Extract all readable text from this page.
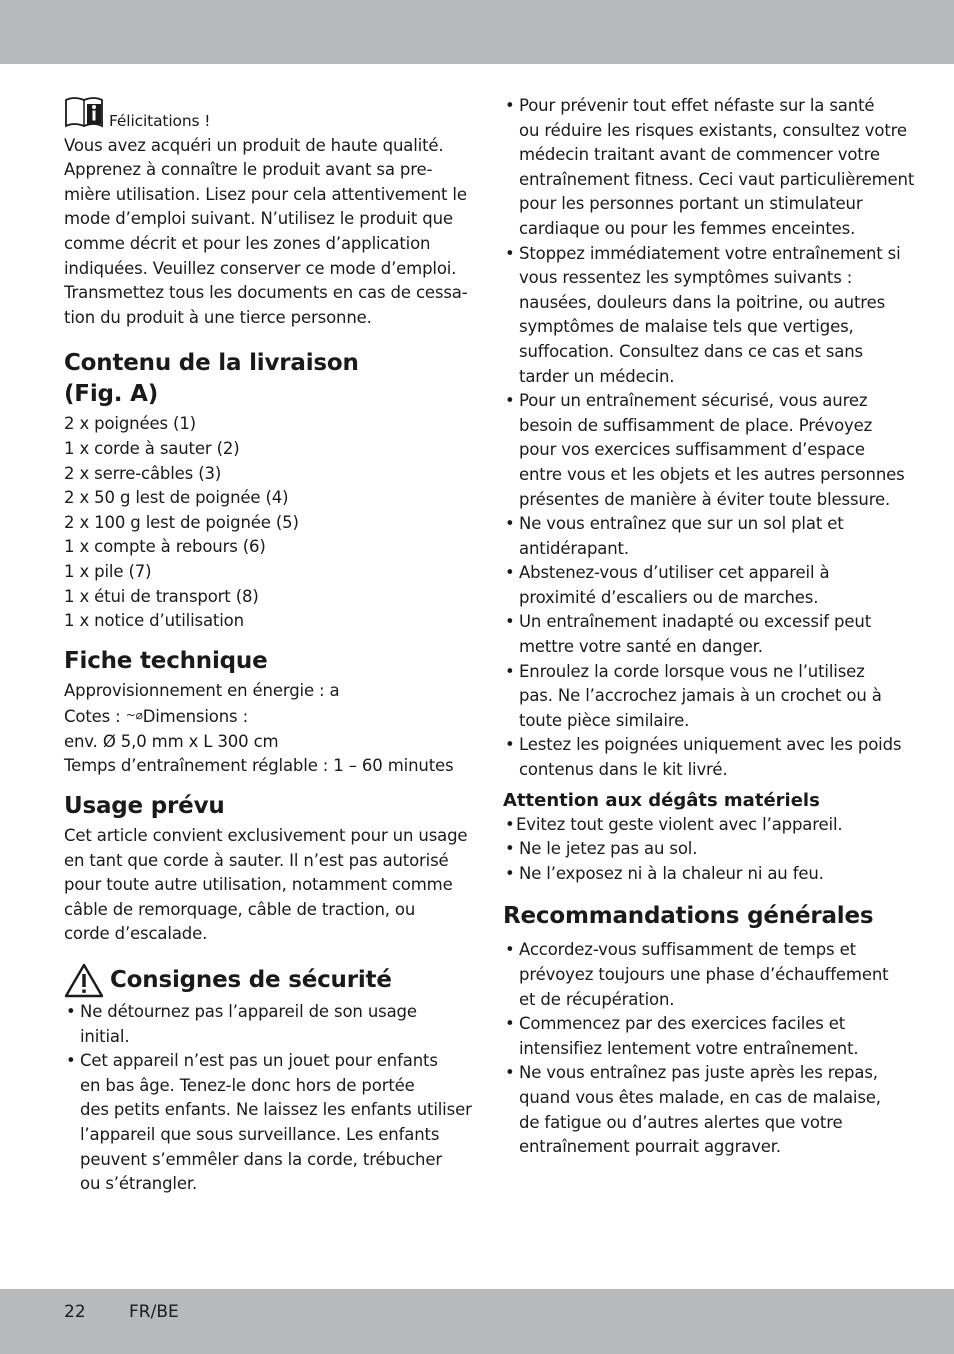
Félicitations !
Vous avez acquéri un produit de haute qualité.
Apprenez à connaître le produit avant sa pre-
mière utilisation. Lisez pour cela attentivement le
mode d’emploi suivant. N’utilisez le produit que
comme décrit et pour les zones d’application
indiquées. Veuillez conserver ce mode d’emploi.
Transmettez tous les documents en cas de cessa-
tion du produit à une tierce personne.
Contenu de la livraison
(Fig. A)
2 x poignées (1)
1 x corde à sauter (2)
2 x serre-câbles (3)
2 x 50 g lest de poignée (4)
2 x 100 g lest de poignée (5)
1 x compte à rebours (6)
1 x pile (7)
1 x étui de transport (8)
1 x notice d’utilisation
Fiche technique
Approvisionnement en énergie : a
Cotes : ~⌀Dimensions :
env. Ø 5,0 mm x L 300 cm
Temps d’entraînement réglable : 1 – 60 minutes
Usage prévu
Cet article convient exclusivement pour un usage
en tant que corde à sauter. Il n’est pas autorisé
pour toute autre utilisation, notamment comme
câble de remorquage, câble de traction, ou
corde d’escalade.
Consignes de sécurité
• Ne détournez pas l’appareil de son usage
initial.
• Cet appareil n’est pas un jouet pour enfants
en bas âge. Tenez-le donc hors de portée
des petits enfants. Ne laissez les enfants utiliser
l’appareil que sous surveillance. Les enfants
peuvent s’emmêler dans la corde, trébucher
ou s’étrangler.
• Pour prévenir tout effet néfaste sur la santé
ou réduire les risques existants, consultez votre
médecin traitant avant de commencer votre
entraînement fitness. Ceci vaut particulièrement
pour les personnes portant un stimulateur
cardiaque ou pour les femmes enceintes.
• Stoppez immédiatement votre entraînement si
vous ressentez les symptômes suivants :
nausées, douleurs dans la poitrine, ou autres
symptômes de malaise tels que vertiges,
suffocation. Consultez dans ce cas et sans
tarder un médecin.
• Pour un entraînement sécurisé, vous aurez
besoin de suffisamment de place. Prévoyez
pour vos exercices suffisamment d’espace
entre vous et les objets et les autres personnes
présentes de manière à éviter toute blessure.
• Ne vous entraînez que sur un sol plat et
antidérapant.
• Abstenez-vous d’utiliser cet appareil à
proximité d’escaliers ou de marches.
• Un entraînement inadapté ou excessif peut
mettre votre santé en danger.
• Enroulez la corde lorsque vous ne l’utilisez
pas. Ne l’accrochez jamais à un crochet ou à
toute pièce similaire.
• Lestez les poignées uniquement avec les poids
contenus dans le kit livré.
Attention aux dégâts matériels
• Evitez tout geste violent avec l’appareil.
• Ne le jetez pas au sol.
• Ne l’exposez ni à la chaleur ni au feu.
Recommandations générales
• Accordez-vous suffisamment de temps et
prévoyez toujours une phase d’échauffement
et de récupération.
• Commencez par des exercices faciles et
intensifiez lentement votre entraînement.
• Ne vous entraînez pas juste après les repas,
quand vous êtes malade, en cas de malaise,
de fatigue ou d’autres alertes que votre
entraînement pourrait aggraver.
22	FR/BE
